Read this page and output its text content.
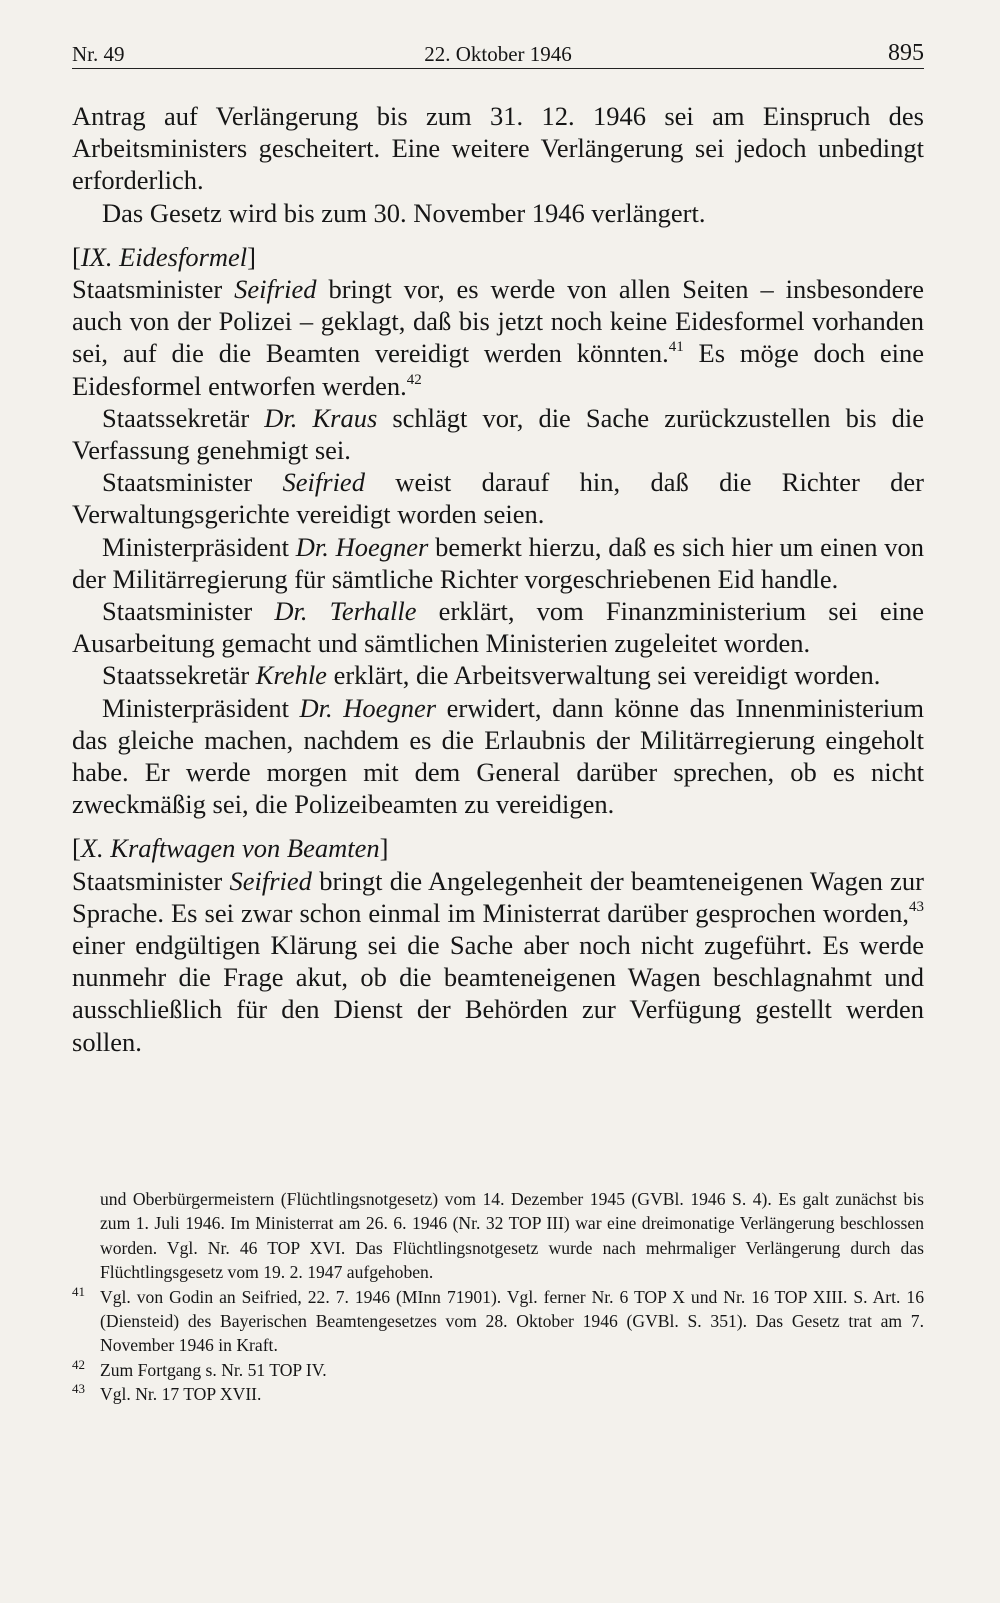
Nr. 49	22. Oktober 1946	895

Antrag auf Verlängerung bis zum 31. 12. 1946 sei am Einspruch des Arbeitsministers gescheitert. Eine weitere Verlängerung sei jedoch unbedingt erforderlich.

Das Gesetz wird bis zum 30. November 1946 verlängert.

[IX. Eidesformel]

Staatsminister Seifried bringt vor, es werde von allen Seiten – insbesondere auch von der Polizei – geklagt, daß bis jetzt noch keine Eidesformel vorhanden sei, auf die die Beamten vereidigt werden könnten.$^{41}$ Es möge doch eine Eidesformel entworfen werden.$^{42}$

Staatssekretär Dr. Kraus schlägt vor, die Sache zurückzustellen bis die Verfassung genehmigt sei.

Staatsminister Seifried weist darauf hin, daß die Richter der Verwaltungsgerichte vereidigt worden seien.

Ministerpräsident Dr. Hoegner bemerkt hierzu, daß es sich hier um einen von der Militärregierung für sämtliche Richter vorgeschriebenen Eid handle.

Staatsminister Dr. Terhalle erklärt, vom Finanzministerium sei eine Ausarbeitung gemacht und sämtlichen Ministerien zugeleitet worden.

Staatssekretär Krehle erklärt, die Arbeitsverwaltung sei vereidigt worden.

Ministerpräsident Dr. Hoegner erwidert, dann könne das Innenministerium das gleiche machen, nachdem es die Erlaubnis der Militärregierung eingeholt habe. Er werde morgen mit dem General darüber sprechen, ob es nicht zweckmäßig sei, die Polizeibeamten zu vereidigen.

[X. Kraftwagen von Beamten]

Staatsminister Seifried bringt die Angelegenheit der beamteneigenen Wagen zur Sprache. Es sei zwar schon einmal im Ministerrat darüber gesprochen worden,$^{43}$ einer endgültigen Klärung sei die Sache aber noch nicht zugeführt. Es werde nunmehr die Frage akut, ob die beamteneigenen Wagen beschlagnahmt und ausschließlich für den Dienst der Behörden zur Verfügung gestellt werden sollen.

und Oberbürgermeistern (Flüchtlingsnotgesetz) vom 14. Dezember 1945 (GVBl. 1946 S. 4). Es galt zunächst bis zum 1. Juli 1946. Im Ministerrat am 26. 6. 1946 (Nr. 32 TOP III) war eine dreimonatige Verlängerung beschlossen worden. Vgl. Nr. 46 TOP XVI. Das Flüchtlingsnotgesetz wurde nach mehrmaliger Verlängerung durch das Flüchtlingsgesetz vom 19. 2. 1947 aufgehoben.

41 Vgl. von Godin an Seifried, 22. 7. 1946 (MInn 71901). Vgl. ferner Nr. 6 TOP X und Nr. 16 TOP XIII. S. Art. 16 (Diensteid) des Bayerischen Beamtengesetzes vom 28. Oktober 1946 (GVBl. S. 351). Das Gesetz trat am 7. November 1946 in Kraft.

42 Zum Fortgang s. Nr. 51 TOP IV.

43 Vgl. Nr. 17 TOP XVII.
